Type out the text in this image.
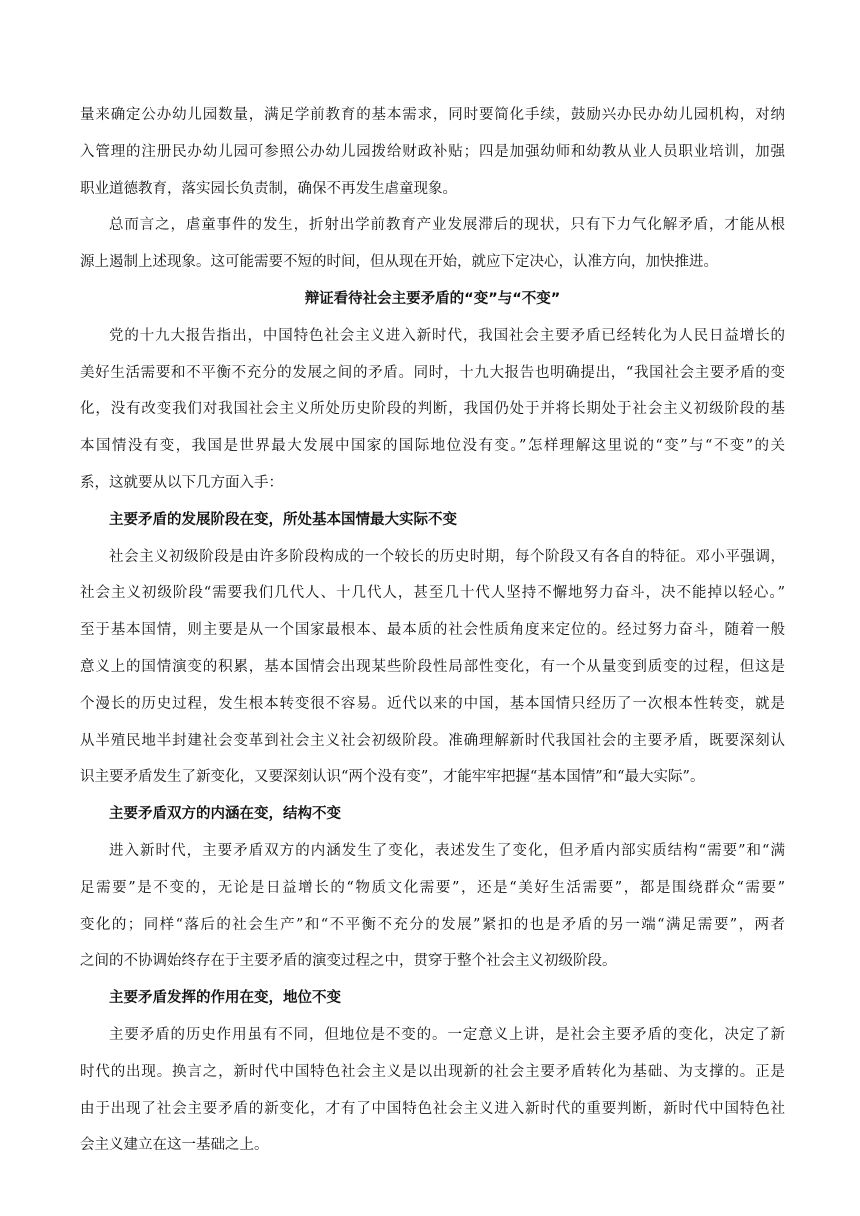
量来确定公办幼儿园数量，满足学前教育的基本需求，同时要简化手续，鼓励兴办民办幼儿园机构，对纳

入管理的注册民办幼儿园可参照公办幼儿园拨给财政补贴；四是加强幼师和幼教从业人员职业培训，加强

职业道德教育，落实园长负责制，确保不再发生虐童现象。

总而言之，虐童事件的发生，折射出学前教育产业发展滞后的现状，只有下力气化解矛盾，才能从根

源上遏制上述现象。这可能需要不短的时间，但从现在开始，就应下定决心，认准方向，加快推进。

辩证看待社会主要矛盾的“变”与“不变”

党的十九大报告指出，中国特色社会主义进入新时代，我国社会主要矛盾已经转化为人民日益增长的

美好生活需要和不平衡不充分的发展之间的矛盾。同时，十九大报告也明确提出，“我国社会主要矛盾的变

化，没有改变我们对我国社会主义所处历史阶段的判断，我国仍处于并将长期处于社会主义初级阶段的基

本国情没有变，我国是世界最大发展中国家的国际地位没有变。”怎样理解这里说的“变”与“不变”的关

系，这就要从以下几方面入手：

主要矛盾的发展阶段在变，所处基本国情最大实际不变

社会主义初级阶段是由许多阶段构成的一个较长的历史时期，每个阶段又有各自的特征。邓小平强调，

社会主义初级阶段“需要我们几代人、十几代人，甚至几十代人坚持不懈地努力奋斗，决不能掉以轻心。”

至于基本国情，则主要是从一个国家最根本、最本质的社会性质角度来定位的。经过努力奋斗，随着一般

意义上的国情演变的积累，基本国情会出现某些阶段性局部性变化，有一个从量变到质变的过程，但这是

个漫长的历史过程，发生根本转变很不容易。近代以来的中国，基本国情只经历了一次根本性转变，就是

从半殖民地半封建社会变革到社会主义社会初级阶段。准确理解新时代我国社会的主要矛盾，既要深刻认

识主要矛盾发生了新变化，又要深刻认识“两个没有变”，才能牢牢把握“基本国情”和“最大实际”。

主要矛盾双方的内涵在变，结构不变

进入新时代，主要矛盾双方的内涵发生了变化，表述发生了变化，但矛盾内部实质结构“需要”和“满

足需要”是不变的，无论是日益增长的“物质文化需要”，还是“美好生活需要”，都是围绕群众“需要”

变化的；同样“落后的社会生产”和“不平衡不充分的发展”紧扣的也是矛盾的另一端“满足需要”，两者

之间的不协调始终存在于主要矛盾的演变过程之中，贯穿于整个社会主义初级阶段。

主要矛盾发挥的作用在变，地位不变

主要矛盾的历史作用虽有不同，但地位是不变的。一定意义上讲，是社会主要矛盾的变化，决定了新

时代的出现。换言之，新时代中国特色社会主义是以出现新的社会主要矛盾转化为基础、为支撑的。正是

由于出现了社会主要矛盾的新变化，才有了中国特色社会主义进入新时代的重要判断，新时代中国特色社

会主义建立在这一基础之上。
